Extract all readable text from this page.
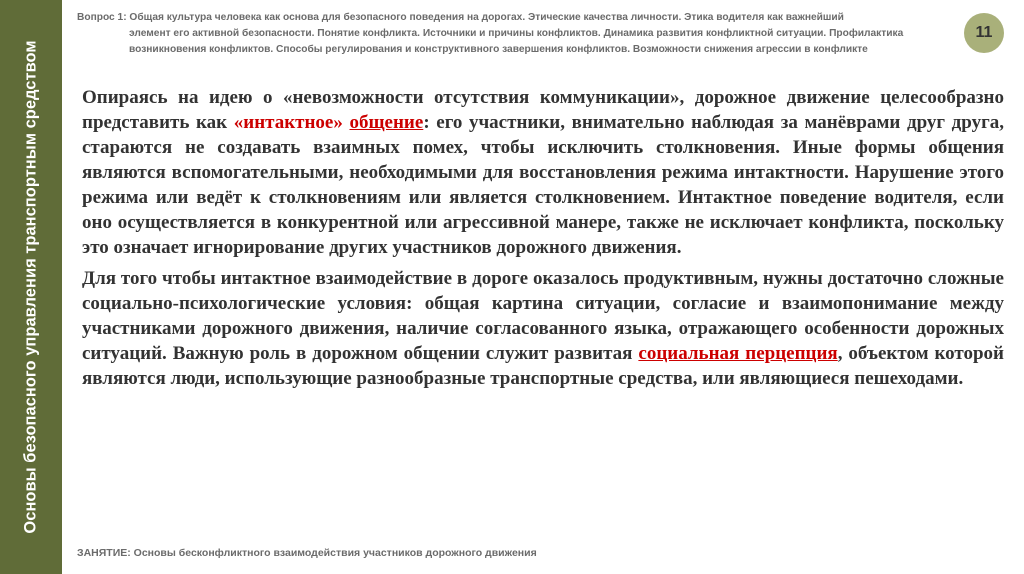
Основы безопасного управления транспортным средством
Вопрос 1: Общая культура человека как основа для безопасного поведения на дорогах. Этические качества личности. Этика водителя как важнейший
элемент его активной безопасности. Понятие конфликта. Источники и причины конфликтов. Динамика развития конфликтной ситуации. Профилактика возникновения конфликтов. Способы регулирования и конструктивного завершения конфликтов. Возможности снижения агрессии в конфликте
11

Опираясь на идею о «невозможности отсутствия коммуникации», дорожное движение целесообразно представить как «интактное» общение: его участники, внимательно наблюдая за манёврами друг друга, стараются не создавать взаимных помех, чтобы исключить столкновения. Иные формы общения являются вспомогательными, необходимыми для восстановления режима интактности. Нарушение этого режима или ведёт к столкновениям или является столкновением. Интактное поведение водителя, если оно осуществляется в конкурентной или агрессивной манере, также не исключает конфликта, поскольку это означает игнорирование других участников дорожного движения.

Для того чтобы интактное взаимодействие в дороге оказалось продуктивным, нужны достаточно сложные социально-психологические условия: общая картина ситуации, согласие и взаимопонимание между участниками дорожного движения, наличие согласованного языка, отражающего особенности дорожных ситуаций. Важную роль в дорожном общении служит развитая социальная перцепция, объектом которой являются люди, использующие разнообразные транспортные средства, или являющиеся пешеходами.

ЗАНЯТИЕ: Основы бесконфликтного взаимодействия участников дорожного движения
